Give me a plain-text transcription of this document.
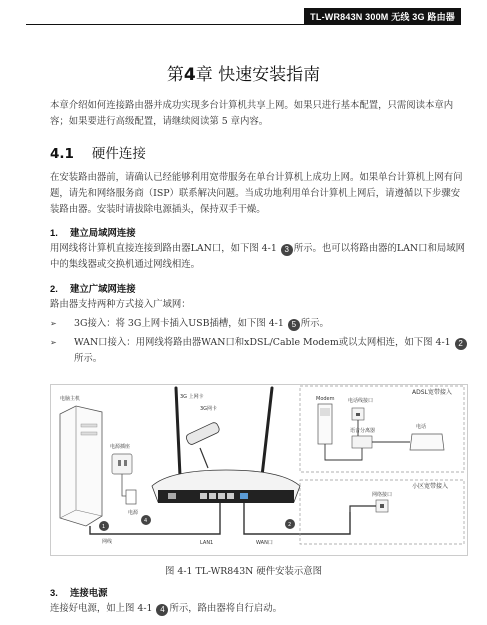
TL-WR843N 300M 无线 3G 路由器
第4章 快速安装指南
本章介绍如何连接路由器并成功实现多台计算机共享上网。如果只进行基本配置，只需阅读本章内容；如果要进行高级配置，请继续阅读第 5 章内容。
4.1 硬件连接
在安装路由器前，请确认已经能够利用宽带服务在单台计算机上成功上网。如果单台计算机上网有问题，请先和网络服务商（ISP）联系解决问题。当成功地利用单台计算机上网后，请遵循以下步骤安装路由器。安装时请拔除电源插头，保持双手干燥。
1. 建立局域网连接
用网线将计算机直接连接到路由器LAN口，如下图 4-1 3 所示。也可以将路由器的LAN口和局域网中的集线器或交换机通过网线相连。
2. 建立广域网连接
路由器支持两种方式接入广域网：
➢ 3G接入：将 3G上网卡插入USB插槽，如下图 4-1 5 所示。
➢ WAN口接入：用网线将路由器WAN口和xDSL/Cable Modem或以太网相连，如下图 4-1 2所示。
电脑主机
电源插座
3G 上网卡
3G网卡
1
网线	LAN1
2
WAN口
ADSL宽带接入
Modem	电话线接口
语音分离器
电话
小区宽带接入
网络接口
4
电源
图 4-1 TL-WR843N 硬件安装示意图
3. 连接电源
连接好电源，如上图 4-1 4 所示，路由器将自行启动。
